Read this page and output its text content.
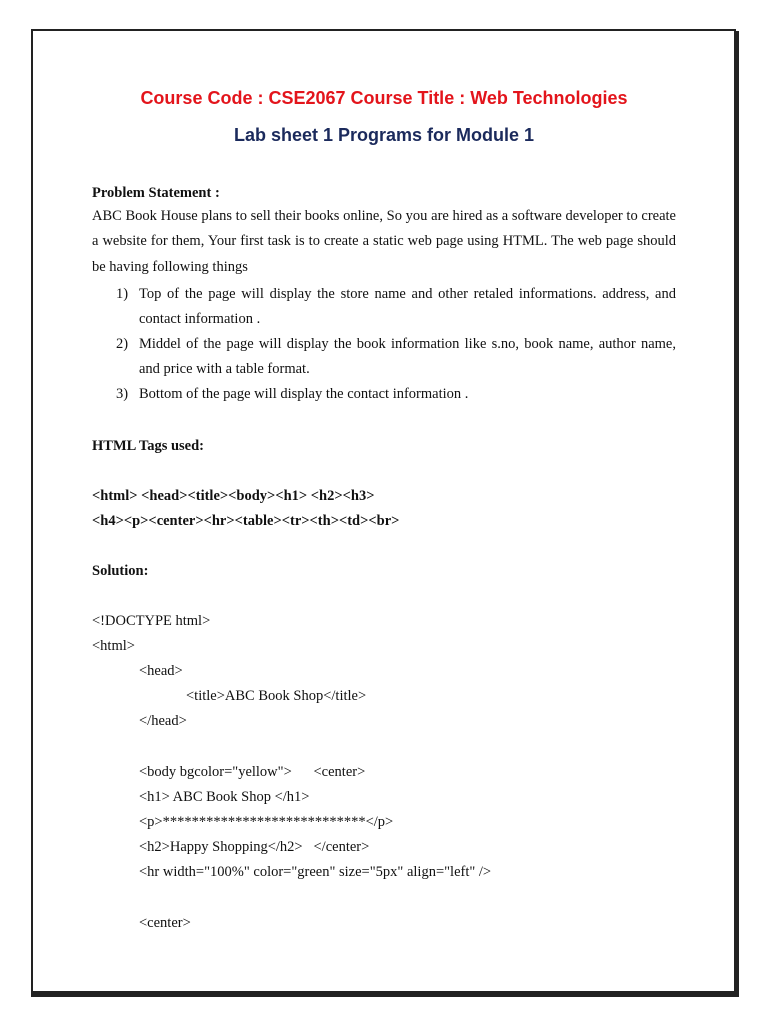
Course Code : CSE2067 Course Title : Web Technologies
Lab sheet 1 Programs for Module 1
Problem Statement :
ABC Book House plans to sell their books online, So you are hired as a software developer to create a website for them, Your first task is to create a static web page using HTML. The web page should be having following things
1) Top of the page will display the store name and other retaled informations. address, and contact information .
2) Middel of the page will display the book information like s.no, book name, author name, and price with a table format.
3) Bottom of the page will display the contact information .
HTML Tags used:
<html> <head><title><body><h1> <h2><h3>
<h4><p><center><hr><table><tr><th><td><br>
Solution:
<!DOCTYPE html>
<html>
<head>
<title>ABC Book Shop</title>
</head>
<body bgcolor="yellow">      <center>
<h1> ABC Book Shop </h1>
<p>****************************</p>
<h2>Happy Shopping</h2>   </center>
<hr width="100%" color="green" size="5px" align="left" />
<center>
